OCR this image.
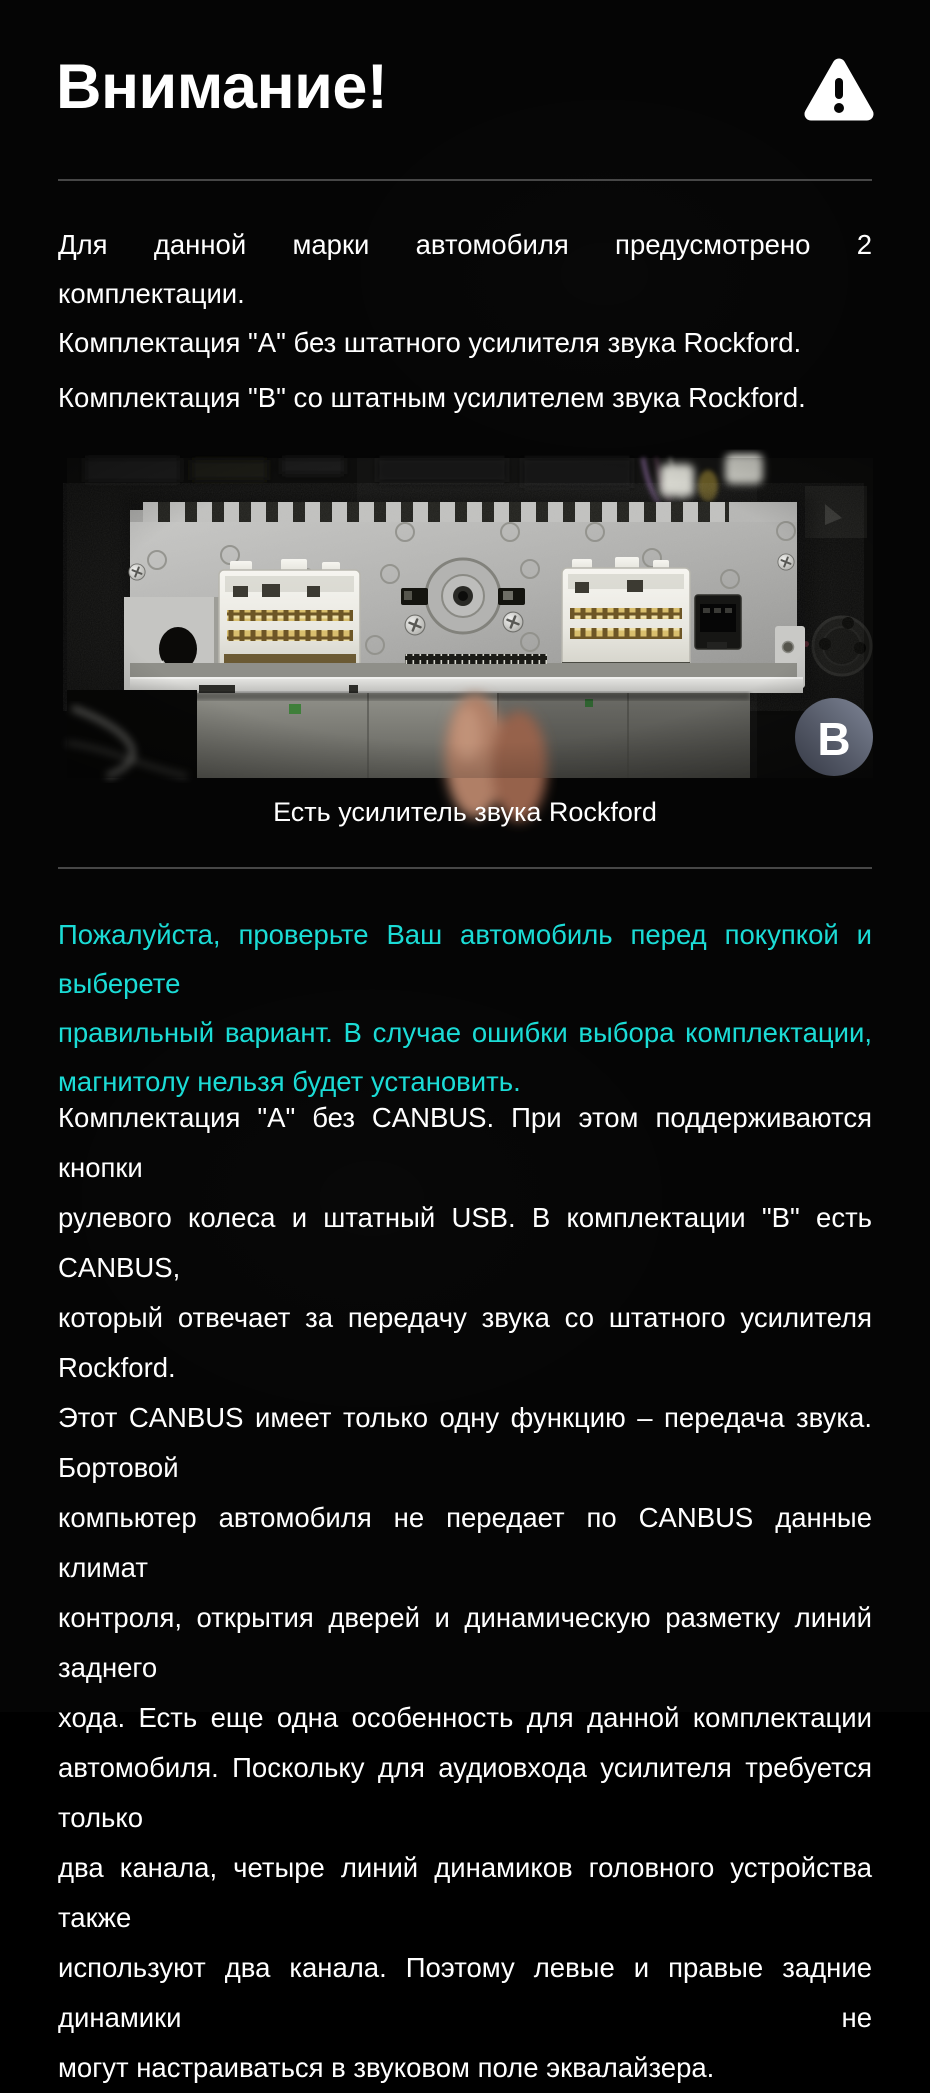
Внимание!
Для данной марки автомобиля предусмотрено 2 комплектации.
Комплектация "А" без штатного усилителя звука Rockford.
Комплектация "В" со штатным усилителем звука Rockford.
B
Есть усилитель звука Rockford
Пожалуйста, проверьте Ваш автомобиль перед покупкой и выберете
правильный вариант. В случае ошибки выбора комплектации,
магнитолу нельзя будет установить.
Комплектация "А" без CANBUS. При этом поддерживаются кнопки
рулевого колеса и штатный USB. В комплектации "В" есть CANBUS,
который отвечает за передачу звука со штатного усилителя Rockford.
Этот CANBUS имеет только одну функцию – передача звука. Бортовой
компьютер автомобиля не передает по CANBUS данные климат
контроля, открытия дверей и динамическую разметку линий заднего
хода. Есть еще одна особенность для данной комплектации
автомобиля. Поскольку для аудиовхода усилителя требуется только
два канала, четыре линий динамиков головного устройства также
используют два канала. Поэтому левые и правые задние динамики не
могут настраиваться в звуковом поле эквалайзера.
